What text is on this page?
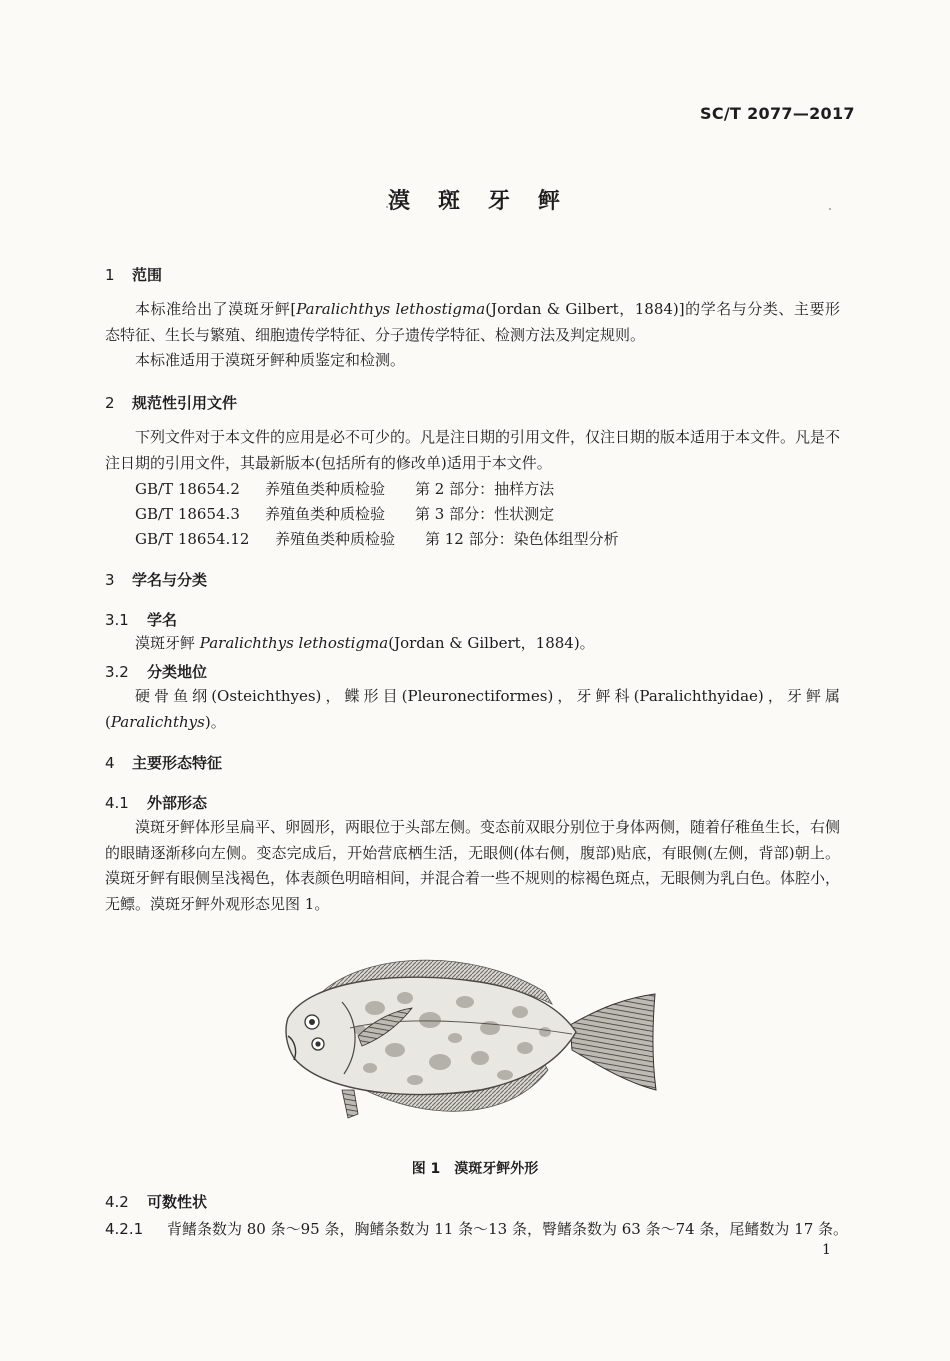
SC/T 2077—2017
漠 斑 牙 鲆
1 范围
本标准给出了漠斑牙鲆[Paralichthys lethostigma(Jordan & Gilbert，1884)]的学名与分类、主要形态特征、生长与繁殖、细胞遗传学特征、分子遗传学特征、检测方法及判定规则。
本标准适用于漠斑牙鲆种质鉴定和检测。
2 规范性引用文件
下列文件对于本文件的应用是必不可少的。凡是注日期的引用文件，仅注日期的版本适用于本文件。凡是不注日期的引用文件，其最新版本(包括所有的修改单)适用于本文件。
GB/T 18654.2 养殖鱼类种质检验 第 2 部分：抽样方法
GB/T 18654.3 养殖鱼类种质检验 第 3 部分：性状测定
GB/T 18654.12 养殖鱼类种质检验 第 12 部分：染色体组型分析
3 学名与分类
3.1 学名
漠斑牙鲆 Paralichthys lethostigma(Jordan & Gilbert，1884)。
3.2 分类地位
硬骨鱼纲(Osteichthyes)，鲽形目(Pleuronectiformes)，牙鲆科(Paralichthyidae)，牙鲆属(Paralichthys)。
4 主要形态特征
4.1 外部形态
漠斑牙鲆体形呈扁平、卵圆形，两眼位于头部左侧。变态前双眼分别位于身体两侧，随着仔稚鱼生长，右侧的眼睛逐渐移向左侧。变态完成后，开始营底栖生活，无眼侧(体右侧，腹部)贴底，有眼侧(左侧，背部)朝上。漠斑牙鲆有眼侧呈浅褐色，体表颜色明暗相间，并混合着一些不规则的棕褐色斑点，无眼侧为乳白色。体腔小，无鳔。漠斑牙鲆外观形态见图 1。
图 1　漠斑牙鲆外形
4.2 可数性状
4.2.1 背鳍条数为 80 条～95 条，胸鳍条数为 11 条～13 条，臀鳍条数为 63 条～74 条，尾鳍数为 17 条。
1
